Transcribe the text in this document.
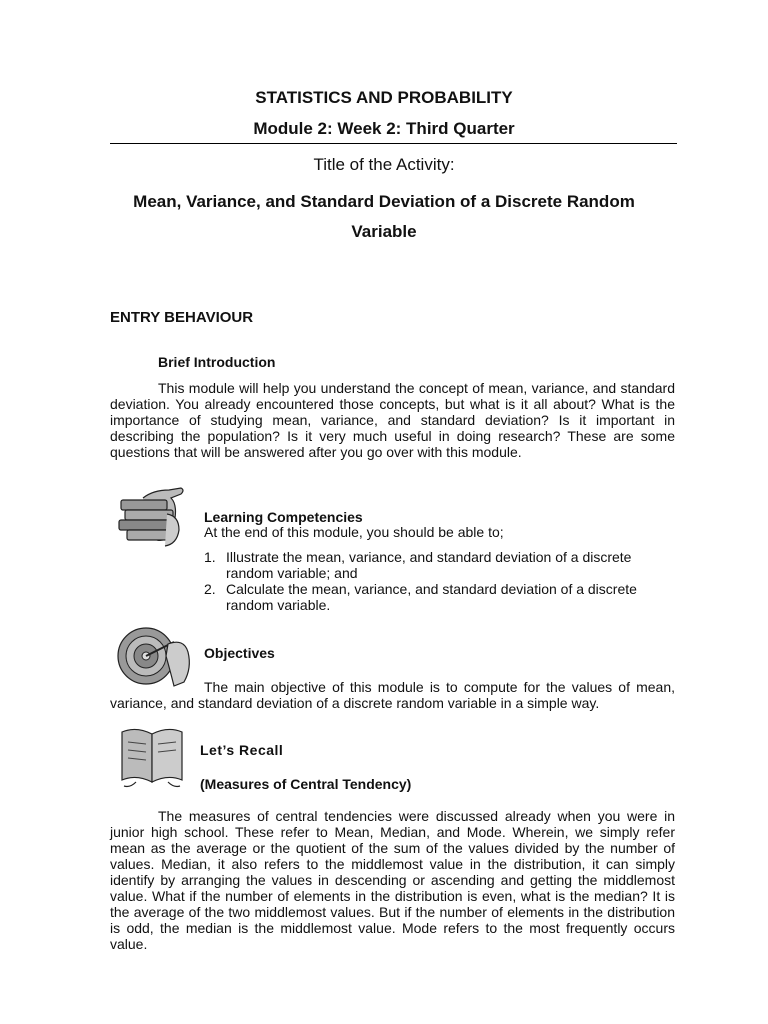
STATISTICS AND PROBABILITY
Module 2: Week 2: Third Quarter
Title of the Activity:
Mean, Variance, and Standard Deviation of a Discrete Random
Variable
ENTRY BEHAVIOUR
Brief Introduction
This module will help you understand the concept of mean, variance, and standard deviation. You already encountered those concepts, but what is it all about? What is the importance of studying mean, variance, and standard deviation? Is it important in describing the population? Is it very much useful in doing research? These are some questions that will be answered after you go over with this module.
Learning Competencies
At the end of this module, you should be able to;
1. Illustrate the mean, variance, and standard deviation of a discrete random variable; and
2. Calculate the mean, variance, and standard deviation of a discrete random variable.
Objectives
The main objective of this module is to compute for the values of mean, variance, and standard deviation of a discrete random variable in a simple way.
Let’s Recall
(Measures of Central Tendency)
The measures of central tendencies were discussed already when you were in junior high school. These refer to Mean, Median, and Mode. Wherein, we simply refer mean as the average or the quotient of the sum of the values divided by the number of values. Median, it also refers to the middlemost value in the distribution, it can simply identify by arranging the values in descending or ascending and getting the middlemost value. What if the number of elements in the distribution is even, what is the median? It is the average of the two middlemost values. But if the number of elements in the distribution is odd, the median is the middlemost value. Mode refers to the most frequently occurs value.
